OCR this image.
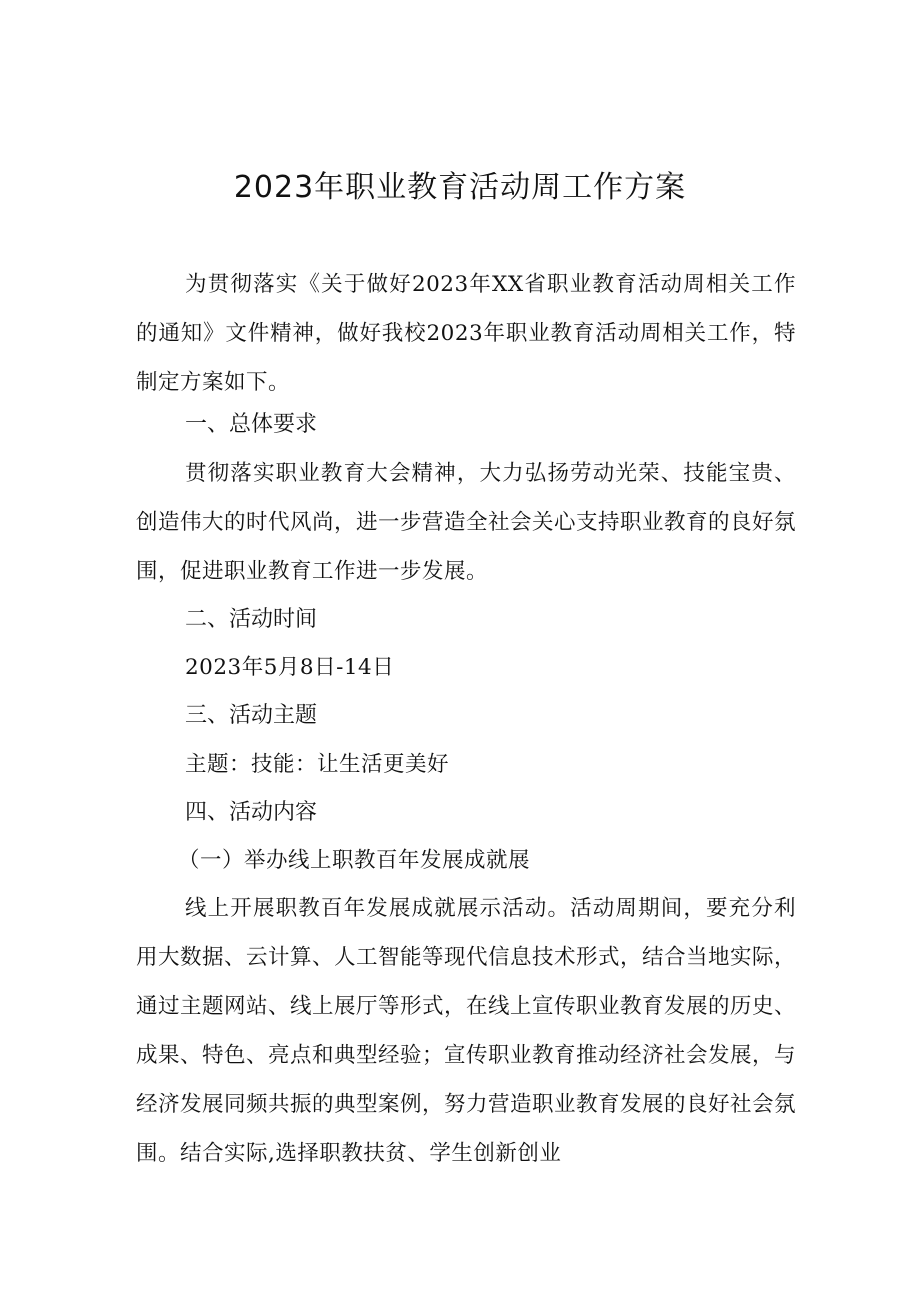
2023年职业教育活动周工作方案

为贯彻落实《关于做好2023年XX省职业教育活动周相关工作的通知》文件精神，做好我校2023年职业教育活动周相关工作，特制定方案如下。

一、总体要求

贯彻落实职业教育大会精神，大力弘扬劳动光荣、技能宝贵、创造伟大的时代风尚，进一步营造全社会关心支持职业教育的良好氛围，促进职业教育工作进一步发展。

二、活动时间

2023年5月8日-14日

三、活动主题

主题：技能：让生活更美好

四、活动内容

（一）举办线上职教百年发展成就展

线上开展职教百年发展成就展示活动。活动周期间，要充分利用大数据、云计算、人工智能等现代信息技术形式，结合当地实际，通过主题网站、线上展厅等形式，在线上宣传职业教育发展的历史、成果、特色、亮点和典型经验；宣传职业教育推动经济社会发展，与经济发展同频共振的典型案例，努力营造职业教育发展的良好社会氛围。结合实际,选择职教扶贫、学生创新创业
